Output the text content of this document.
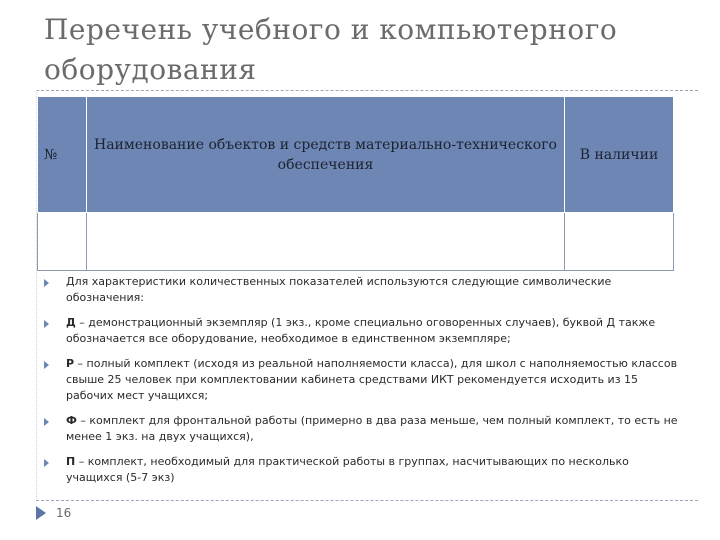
Перечень учебного и компьютерного оборудования
№	Наименование объектов и средств материально-технического обеспечения	В наличии

Для характеристики количественных показателей используются следующие символические обозначения:
Д – демонстрационный экземпляр (1 экз., кроме специально оговоренных случаев), буквой Д также обозначается все оборудование, необходимое в единственном экземпляре;
Р – полный комплект (исходя из реальной наполняемости класса), для школ с наполняемостью классов свыше 25 человек при комплектовании кабинета средствами ИКТ рекомендуется исходить из 15 рабочих мест учащихся;
Ф – комплект для фронтальной работы (примерно в два раза меньше, чем полный комплект, то есть не менее 1 экз. на двух учащихся),
П – комплект, необходимый для практической работы в группах, насчитывающих по несколько учащихся (5-7 экз)
16
